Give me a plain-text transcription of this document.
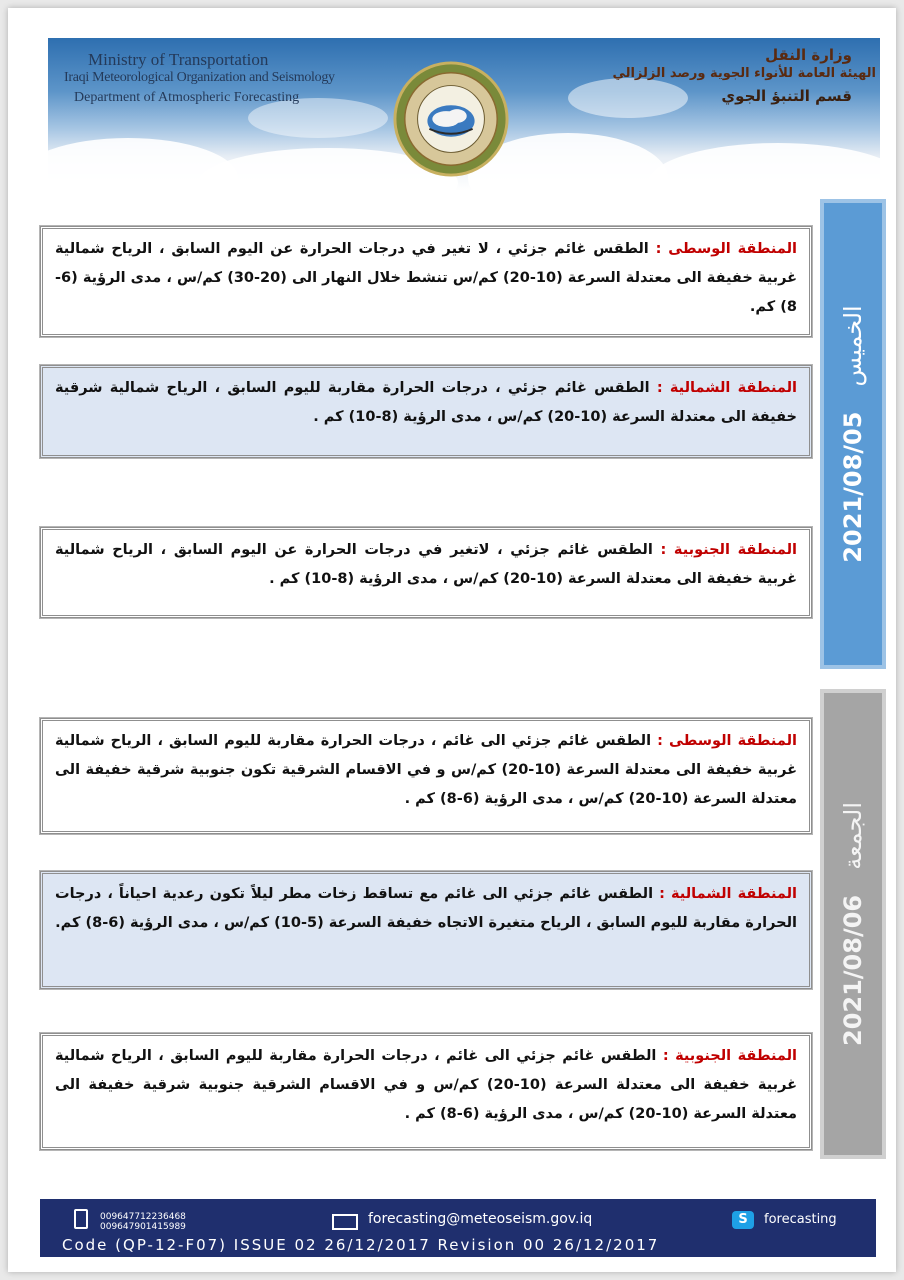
Ministry of Transportation
Iraqi Meteorological Organization and Seismology
Department of Atmospheric Forecasting
وزارة النقل
الهيئة العامة للأنواء الجوية ورصد الزلزالي
قسم التنبؤ الجوي
المنطقة الوسطى : الطقس غائم جزئي ، لا تغير في درجات الحرارة عن اليوم السابق ، الرياح شمالية غربية خفيفة الى معتدلة السرعة (10-20) كم/س تنشط خلال النهار الى (20-30) كم/س ، مدى الرؤية (6-8) كم.
المنطقة الشمالية : الطقس غائم جزئي ، درجات الحرارة مقاربة لليوم السابق ، الرياح شمالية شرقية خفيفة الى معتدلة السرعة (10-20) كم/س ، مدى الرؤية (8-10) كم .
المنطقة الجنوبية : الطقس غائم جزئي ، لاتغير في درجات الحرارة عن اليوم السابق ، الرياح شمالية غربية خفيفة الى معتدلة السرعة (10-20) كم/س ، مدى الرؤية (8-10) كم .
الخميس   2021/08/05
المنطقة الوسطى : الطقس غائم جزئي الى غائم ، درجات الحرارة مقاربة لليوم السابق ، الرياح شمالية غربية خفيفة الى معتدلة السرعة (10-20) كم/س و في الاقسام الشرقية تكون جنوبية شرقية خفيفة الى معتدلة السرعة (10-20) كم/س ، مدى الرؤية (6-8) كم .
المنطقة الشمالية : الطقس غائم جزئي الى غائم مع تساقط زخات مطر ليلاً تكون رعدية احياناً ، درجات الحرارة مقاربة لليوم السابق ، الرياح متغيرة الاتجاه خفيفة السرعة (5-10) كم/س ، مدى الرؤية (6-8) كم.
المنطقة الجنوبية : الطقس غائم جزئي الى غائم ، درجات الحرارة مقاربة لليوم السابق ، الرياح شمالية غربية خفيفة الى معتدلة السرعة (10-20) كم/س و في الاقسام الشرقية جنوبية شرقية خفيفة الى معتدلة السرعة (10-20) كم/س ، مدى الرؤية (6-8) كم .
الجمعة   2021/08/06
009647712236468
009647901415989	forecasting@meteoseism.gov.iq	S	forecasting
Code (QP-12-F07) ISSUE 02 26/12/2017 Revision 00 26/12/2017
